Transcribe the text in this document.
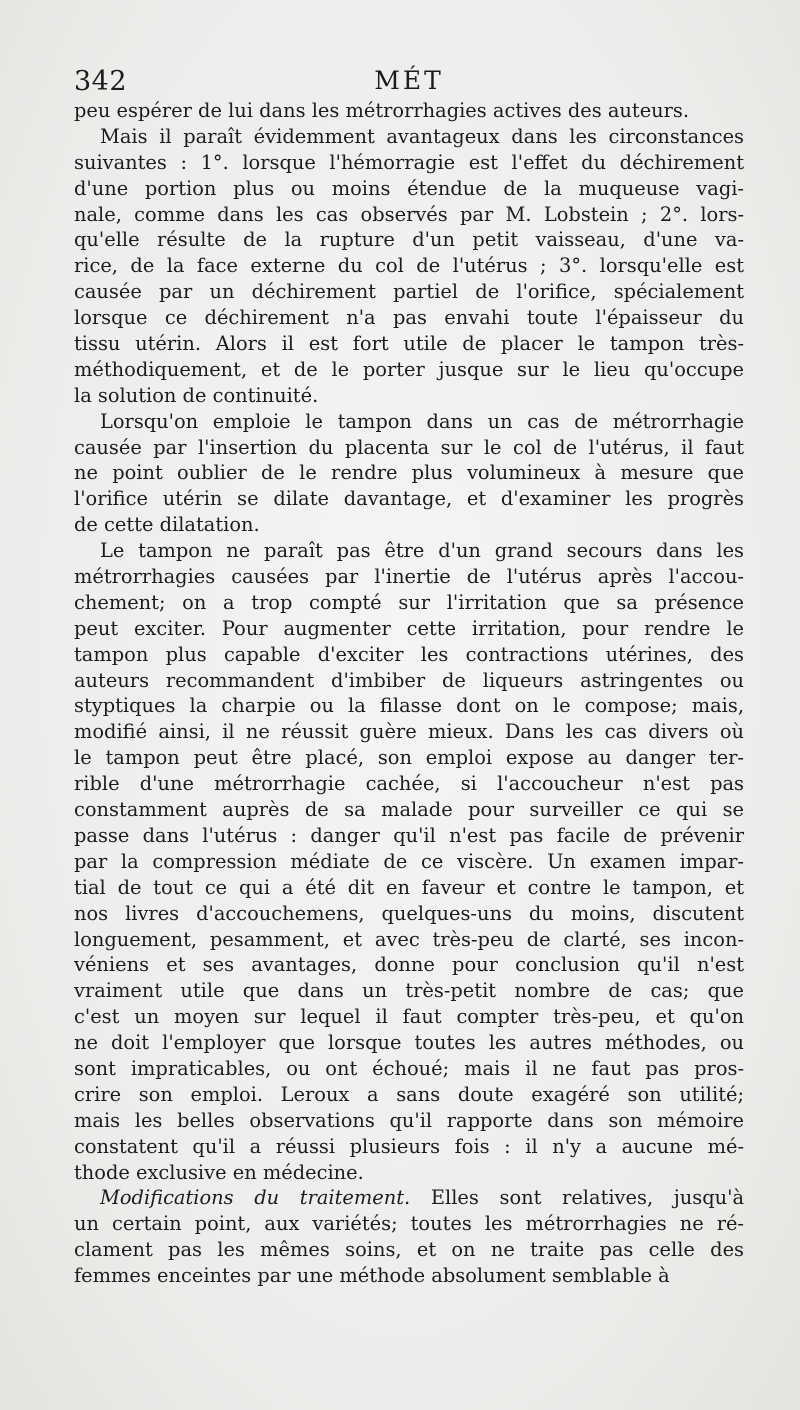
342	MÉT
peu espérer de lui dans les métrorrhagies actives des auteurs.
Mais il paraît évidemment avantageux dans les circonstances
suivantes : 1°. lorsque l'hémorragie est l'effet du déchirement
d'une portion plus ou moins étendue de la muqueuse vagi-
nale, comme dans les cas observés par M. Lobstein ; 2°. lors-
qu'elle résulte de la rupture d'un petit vaisseau, d'une va-
rice, de la face externe du col de l'utérus ; 3°. lorsqu'elle est
causée par un déchirement partiel de l'orifice, spécialement
lorsque ce déchirement n'a pas envahi toute l'épaisseur du
tissu utérin. Alors il est fort utile de placer le tampon très-
méthodiquement, et de le porter jusque sur le lieu qu'occupe
la solution de continuité.
Lorsqu'on emploie le tampon dans un cas de métrorrhagie
causée par l'insertion du placenta sur le col de l'utérus, il faut
ne point oublier de le rendre plus volumineux à mesure que
l'orifice utérin se dilate davantage, et d'examiner les progrès
de cette dilatation.
Le tampon ne paraît pas être d'un grand secours dans les
métrorrhagies causées par l'inertie de l'utérus après l'accou-
chement; on a trop compté sur l'irritation que sa présence
peut exciter. Pour augmenter cette irritation, pour rendre le
tampon plus capable d'exciter les contractions utérines, des
auteurs recommandent d'imbiber de liqueurs astringentes ou
styptiques la charpie ou la filasse dont on le compose; mais,
modifié ainsi, il ne réussit guère mieux. Dans les cas divers où
le tampon peut être placé, son emploi expose au danger ter-
rible d'une métrorrhagie cachée, si l'accoucheur n'est pas
constamment auprès de sa malade pour surveiller ce qui se
passe dans l'utérus : danger qu'il n'est pas facile de prévenir
par la compression médiate de ce viscère. Un examen impar-
tial de tout ce qui a été dit en faveur et contre le tampon, et
nos livres d'accouchemens, quelques-uns du moins, discutent
longuement, pesamment, et avec très-peu de clarté, ses incon-
véniens et ses avantages, donne pour conclusion qu'il n'est
vraiment utile que dans un très-petit nombre de cas; que
c'est un moyen sur lequel il faut compter très-peu, et qu'on
ne doit l'employer que lorsque toutes les autres méthodes, ou
sont impraticables, ou ont échoué; mais il ne faut pas pros-
crire son emploi. Leroux a sans doute exagéré son utilité;
mais les belles observations qu'il rapporte dans son mémoire
constatent qu'il a réussi plusieurs fois : il n'y a aucune mé-
thode exclusive en médecine.
Modifications du traitement. Elles sont relatives, jusqu'à
un certain point, aux variétés; toutes les métrorrhagies ne ré-
clament pas les mêmes soins, et on ne traite pas celle des
femmes enceintes par une méthode absolument semblable à
